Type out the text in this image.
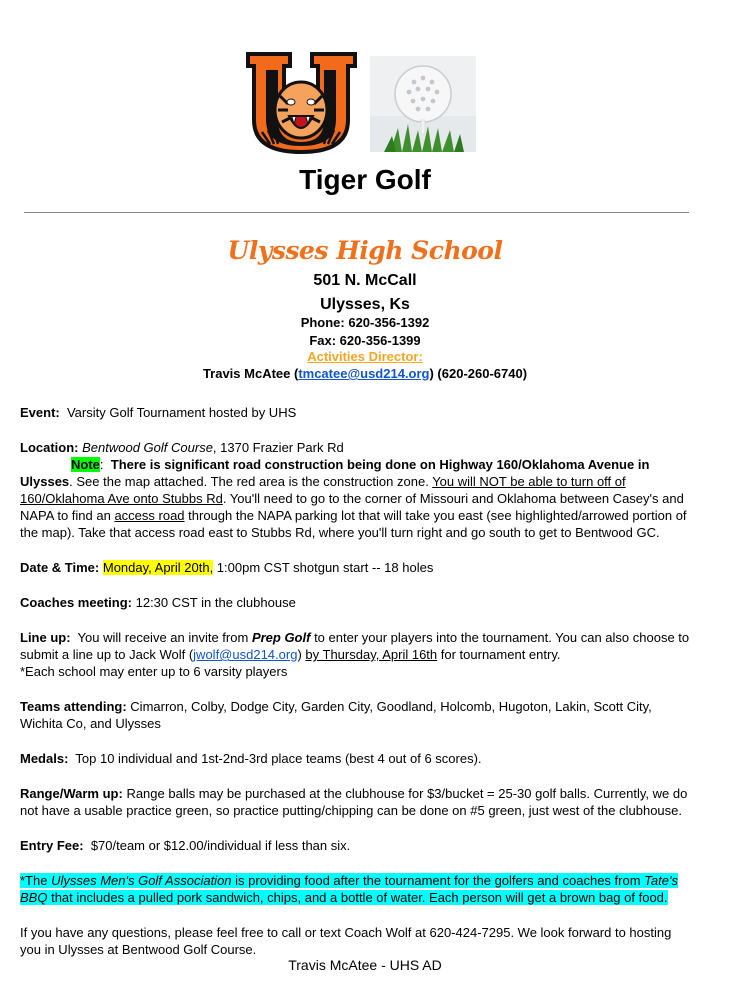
U
Tiger Golf
Ulysses High School
501 N. McCall
Ulysses, Ks
Phone: 620-356-1392
Fax: 620-356-1399
Activities Director:
Travis McAtee (tmcatee@usd214.org) (620-260-6740)

Event: Varsity Golf Tournament hosted by UHS

Location: Bentwood Golf Course, 1370 Frazier Park Rd

Note: There is significant road construction being done on Highway 160/Oklahoma Avenue in Ulysses. See the map attached. The red area is the construction zone. You will NOT be able to turn off of 160/Oklahoma Ave onto Stubbs Rd. You'll need to go to the corner of Missouri and Oklahoma between Casey's and NAPA to find an access road through the NAPA parking lot that will take you east (see highlighted/arrowed portion of the map). Take that access road east to Stubbs Rd, where you'll turn right and go south to get to Bentwood GC.

Date & Time: Monday, April 20th, 1:00pm CST shotgun start -- 18 holes

Coaches meeting: 12:30 CST in the clubhouse

Line up: You will receive an invite from Prep Golf to enter your players into the tournament. You can also choose to submit a line up to Jack Wolf (jwolf@usd214.org) by Thursday, April 16th for tournament entry.

*Each school may enter up to 6 varsity players

Teams attending: Cimarron, Colby, Dodge City, Garden City, Goodland, Holcomb, Hugoton, Lakin, Scott City, Wichita Co, and Ulysses

Medals: Top 10 individual and 1st-2nd-3rd place teams (best 4 out of 6 scores).

Range/Warm up: Range balls may be purchased at the clubhouse for $3/bucket = 25-30 golf balls. Currently, we do not have a usable practice green, so practice putting/chipping can be done on #5 green, just west of the clubhouse.

Entry Fee: $70/team or $12.00/individual if less than six.

*The Ulysses Men's Golf Association is providing food after the tournament for the golfers and coaches from Tate's BBQ that includes a pulled pork sandwich, chips, and a bottle of water. Each person will get a brown bag of food.

If you have any questions, please feel free to call or text Coach Wolf at 620-424-7295. We look forward to hosting you in Ulysses at Bentwood Golf Course.

Travis McAtee - UHS AD
